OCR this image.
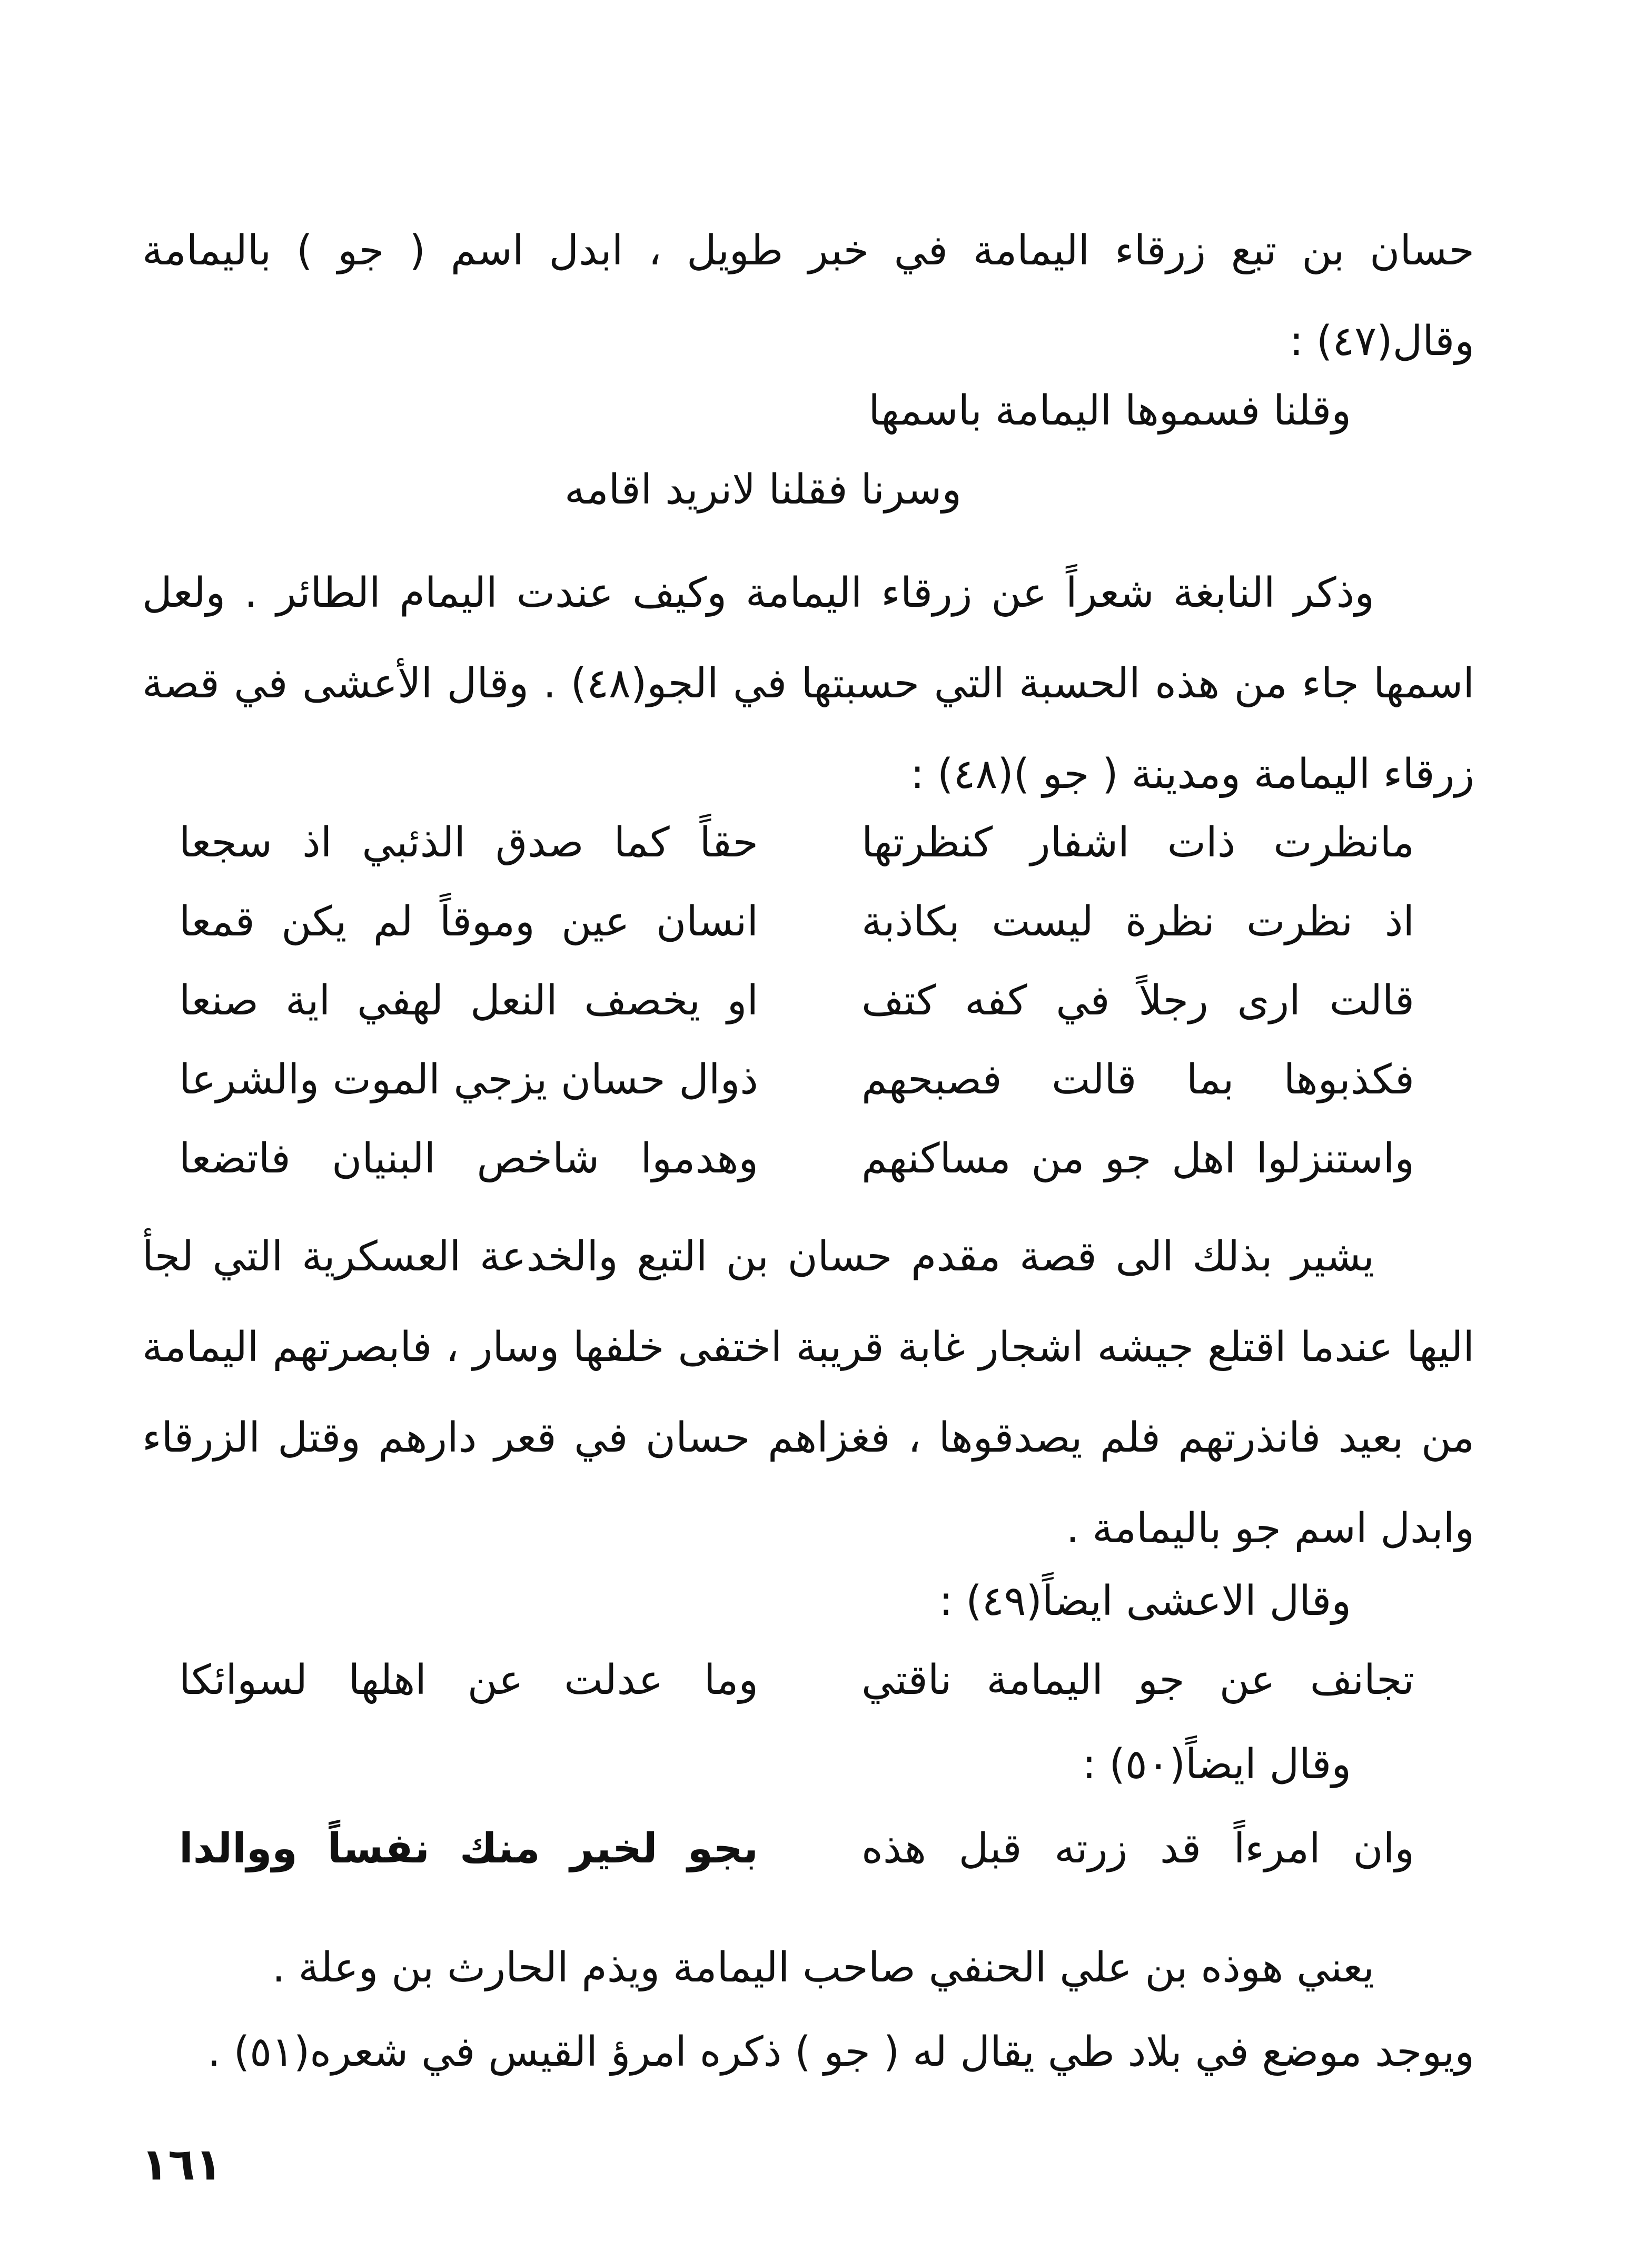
حسان بن تبع زرقاء اليمامة في خبر طويل ، ابدل اسم ( جو ) باليمامة وقال(٤٧) :

وقلنا فسموها اليمامة باسمها
وسرنا فقلنا لانريد اقامه

وذكر النابغة شعراً عن زرقاء اليمامة وكيف عندت اليمام الطائر . ولعل اسمها جاء من هذه الحسبة التي حسبتها في الجو(٤٨) . وقال الأعشى في قصة زرقاء اليمامة ومدينة ( جو )(٤٨) :

مانظرت ذات اشفار كنظرتها
حقاً كما صدق الذئبي اذ سجعا
اذ نظرت نظرة ليست بكاذبة
انسان عين وموقاً لم يكن قمعا
قالت ارى رجلاً في كفه كتف
او يخصف النعل لهفي اية صنعا
فكذبوها بما قالت فصبحهم
ذوال حسان يزجي الموت والشرعا
واستنزلوا اهل جو من مساكنهم
وهدموا شاخص البنيان فاتضعا

يشير بذلك الى قصة مقدم حسان بن التبع والخدعة العسكرية التي لجأ اليها عندما اقتلع جيشه اشجار غابة قريبة اختفى خلفها وسار ، فابصرتهم اليمامة من بعيد فانذرتهم فلم يصدقوها ، فغزاهم حسان في قعر دارهم وقتل الزرقاء وابدل اسم جو باليمامة .

وقال الاعشى ايضاً(٤٩) :
تجانف عن جو اليمامة ناقتي
وما عدلت عن اهلها لسوائكا
وقال ايضاً(٥٠) :
وان امرءاً قد زرته قبل هذه
بجو لخير منك نفساً ووالدا

يعني هوذه بن علي الحنفي صاحب اليمامة ويذم الحارث بن وعلة .

ويوجد موضع في بلاد طي يقال له ( جو ) ذكره امرؤ القيس في شعره(٥١) .

١٦١
